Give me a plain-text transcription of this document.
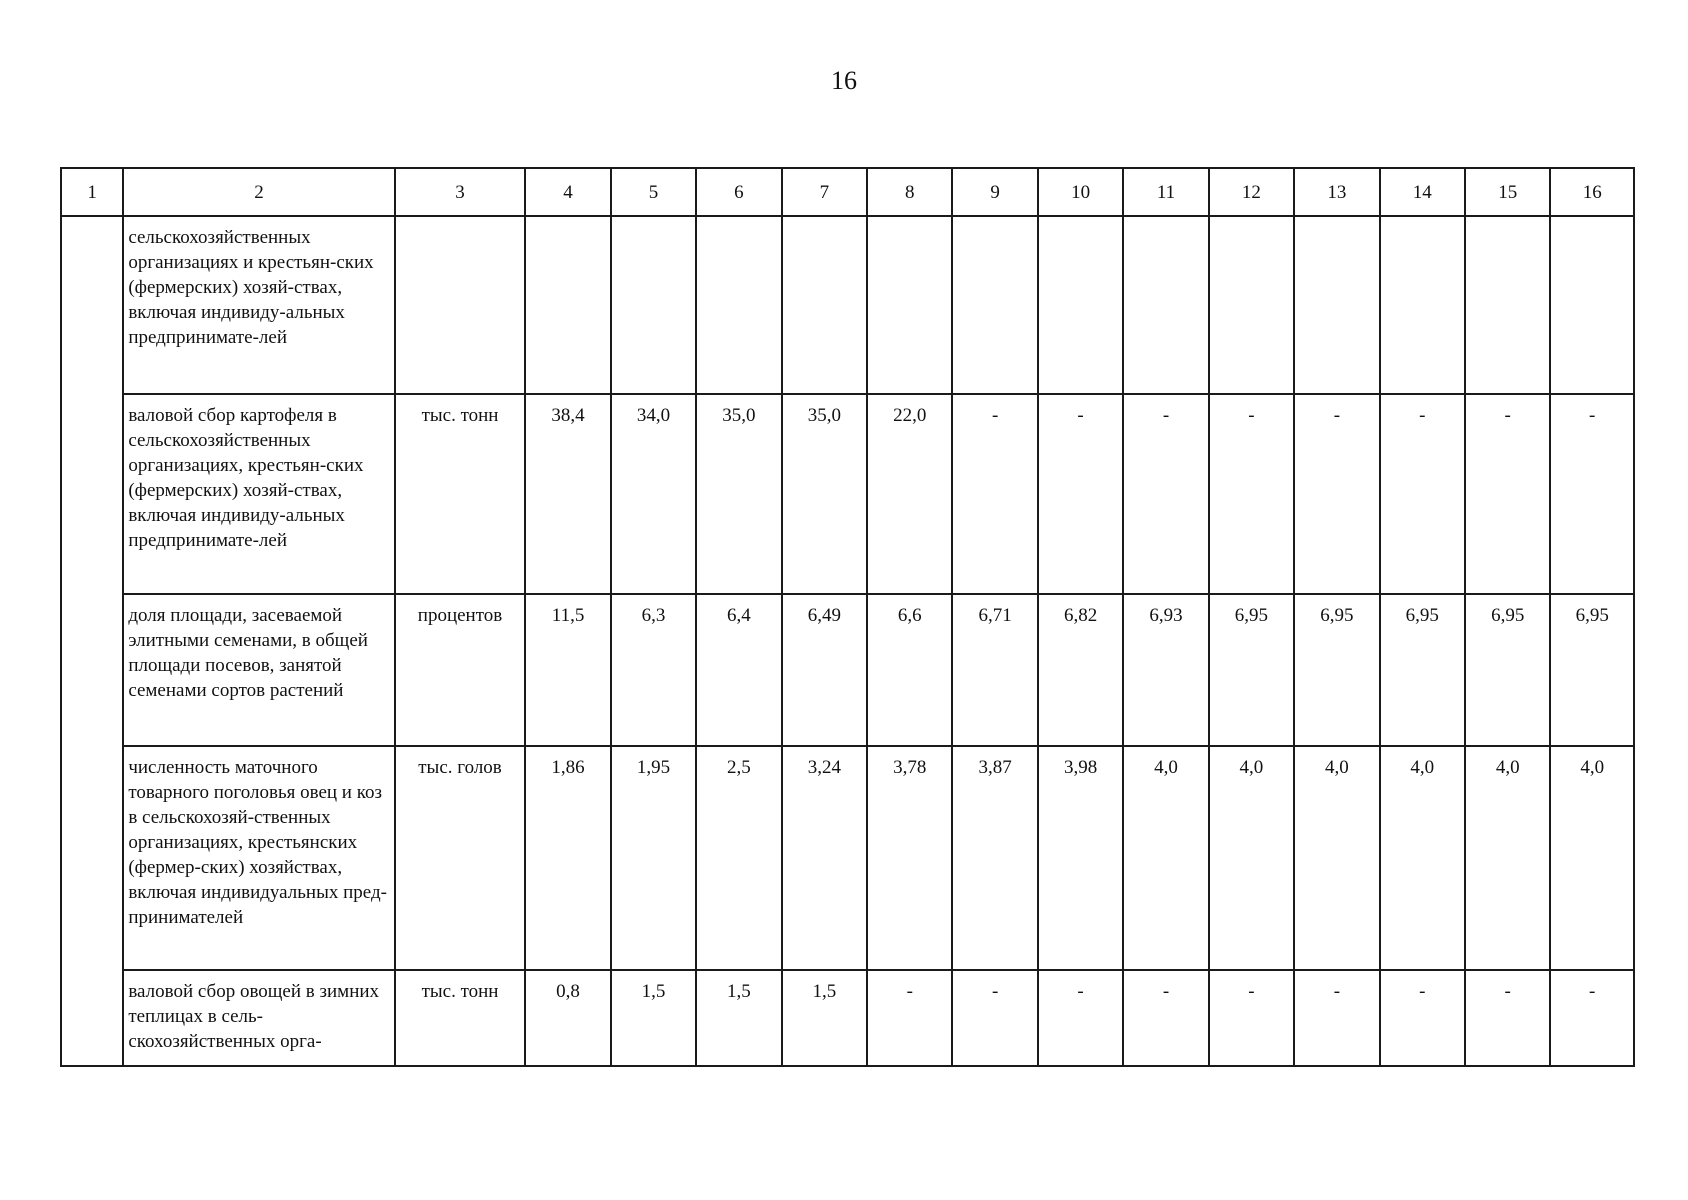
16
1	2	3	4	5	6	7	8	9	10	11	12	13	14	15	16
	сельскохозяйственных организациях и крестьян-ских (фермерских) хозяй-ствах, включая индивиду-альных предпринимате-лей														
	валовой сбор картофеля в сельскохозяйственных организациях, крестьян-ских (фермерских) хозяй-ствах, включая индивиду-альных предпринимате-лей	тыс. тонн	38,4	34,0	35,0	35,0	22,0	-	-	-	-	-	-	-	-
	доля площади, засеваемой элитными семенами, в общей площади посевов, занятой семенами сортов растений	процентов	11,5	6,3	6,4	6,49	6,6	6,71	6,82	6,93	6,95	6,95	6,95	6,95	6,95
	численность маточного товарного поголовья овец и коз в сельскохозяй-ственных организациях, крестьянских (фермер-ских) хозяйствах, включая индивидуальных пред-принимателей	тыс. голов	1,86	1,95	2,5	3,24	3,78	3,87	3,98	4,0	4,0	4,0	4,0	4,0	4,0
	валовой сбор овощей в зимних теплицах в сель-скохозяйственных орга-	тыс. тонн	0,8	1,5	1,5	1,5	-	-	-	-	-	-	-	-	-
